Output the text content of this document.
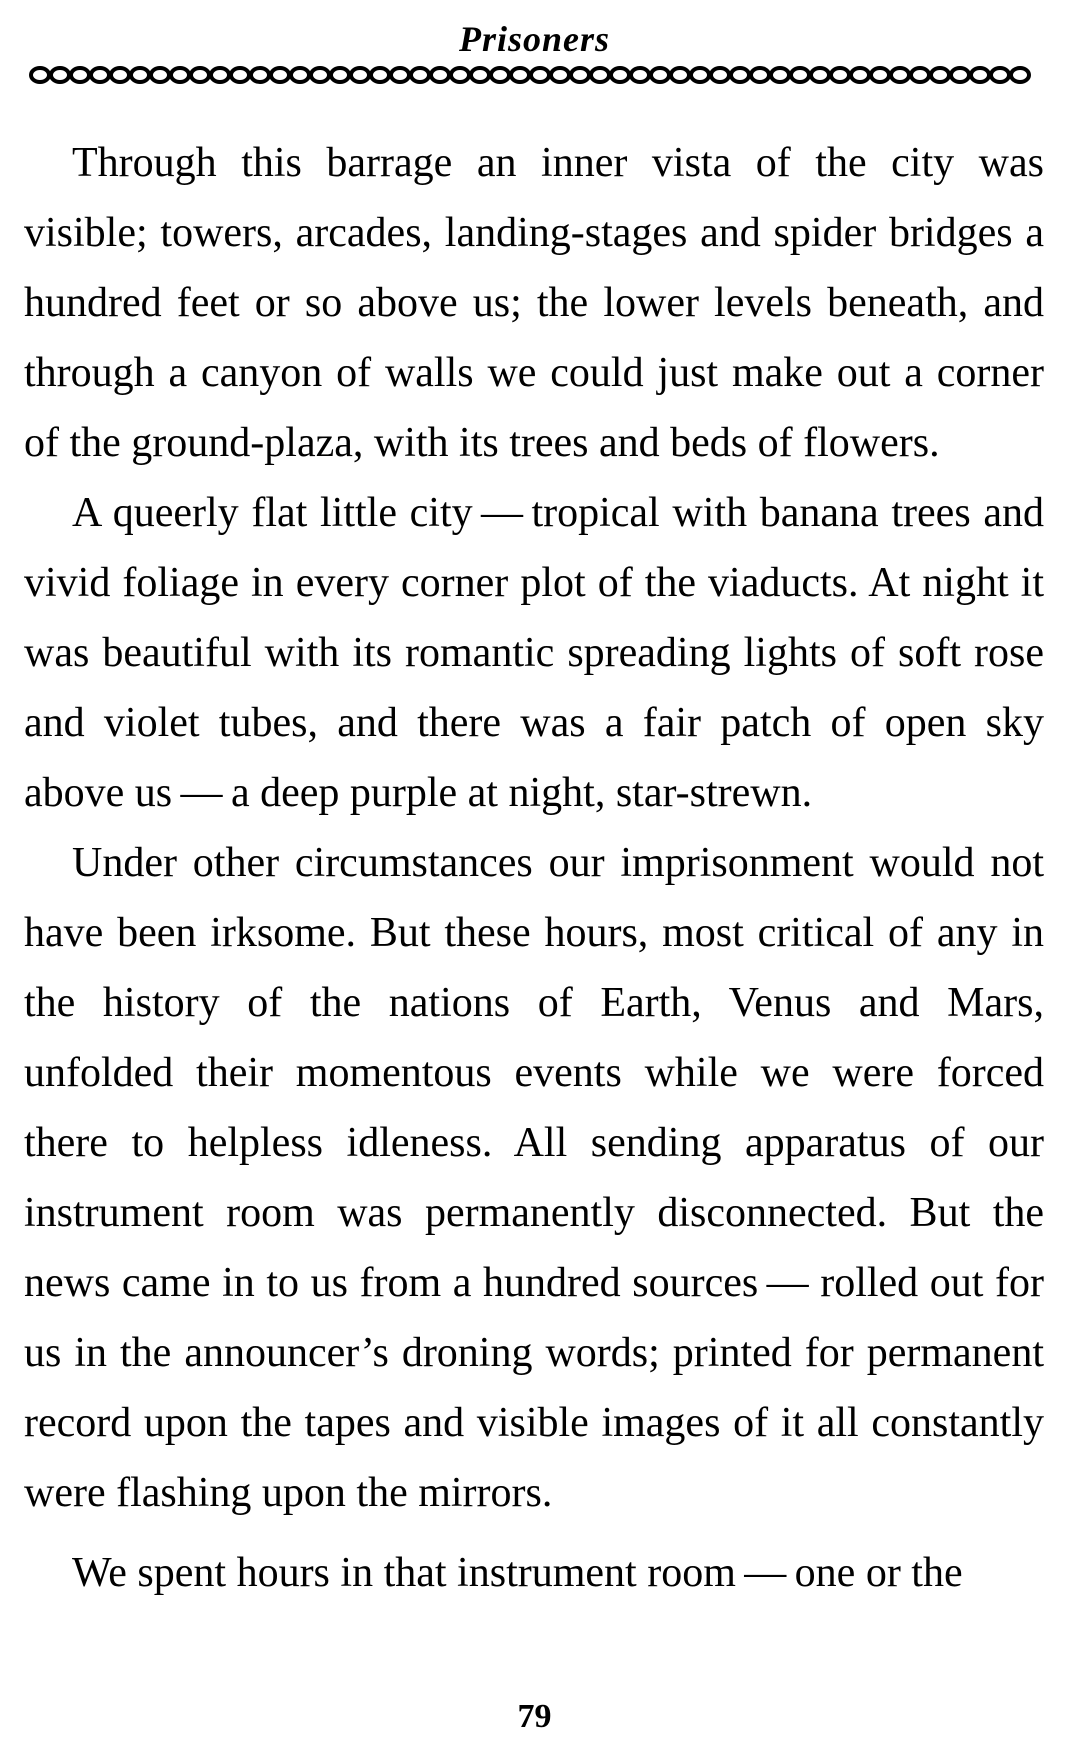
Prisoners

Through this barrage an inner vista of the city was visible; towers, arcades, landing-stages and spider bridges a hundred feet or so above us; the lower levels beneath, and through a canyon of walls we could just make out a corner of the ground-plaza, with its trees and beds of flowers.

A queerly flat little city — tropical with banana trees and vivid foliage in every corner plot of the viaducts. At night it was beautiful with its romantic spreading lights of soft rose and violet tubes, and there was a fair patch of open sky above us — a deep purple at night, star-strewn.

Under other circumstances our imprisonment would not have been irksome. But these hours, most critical of any in the history of the nations of Earth, Venus and Mars, unfolded their momentous events while we were forced there to helpless idleness. All sending apparatus of our instrument room was permanently disconnected. But the news came in to us from a hundred sources — rolled out for us in the announcer’s droning words; printed for permanent record upon the tapes and visible images of it all constantly were flashing upon the mirrors.

We spent hours in that instrument room — one or the

79
